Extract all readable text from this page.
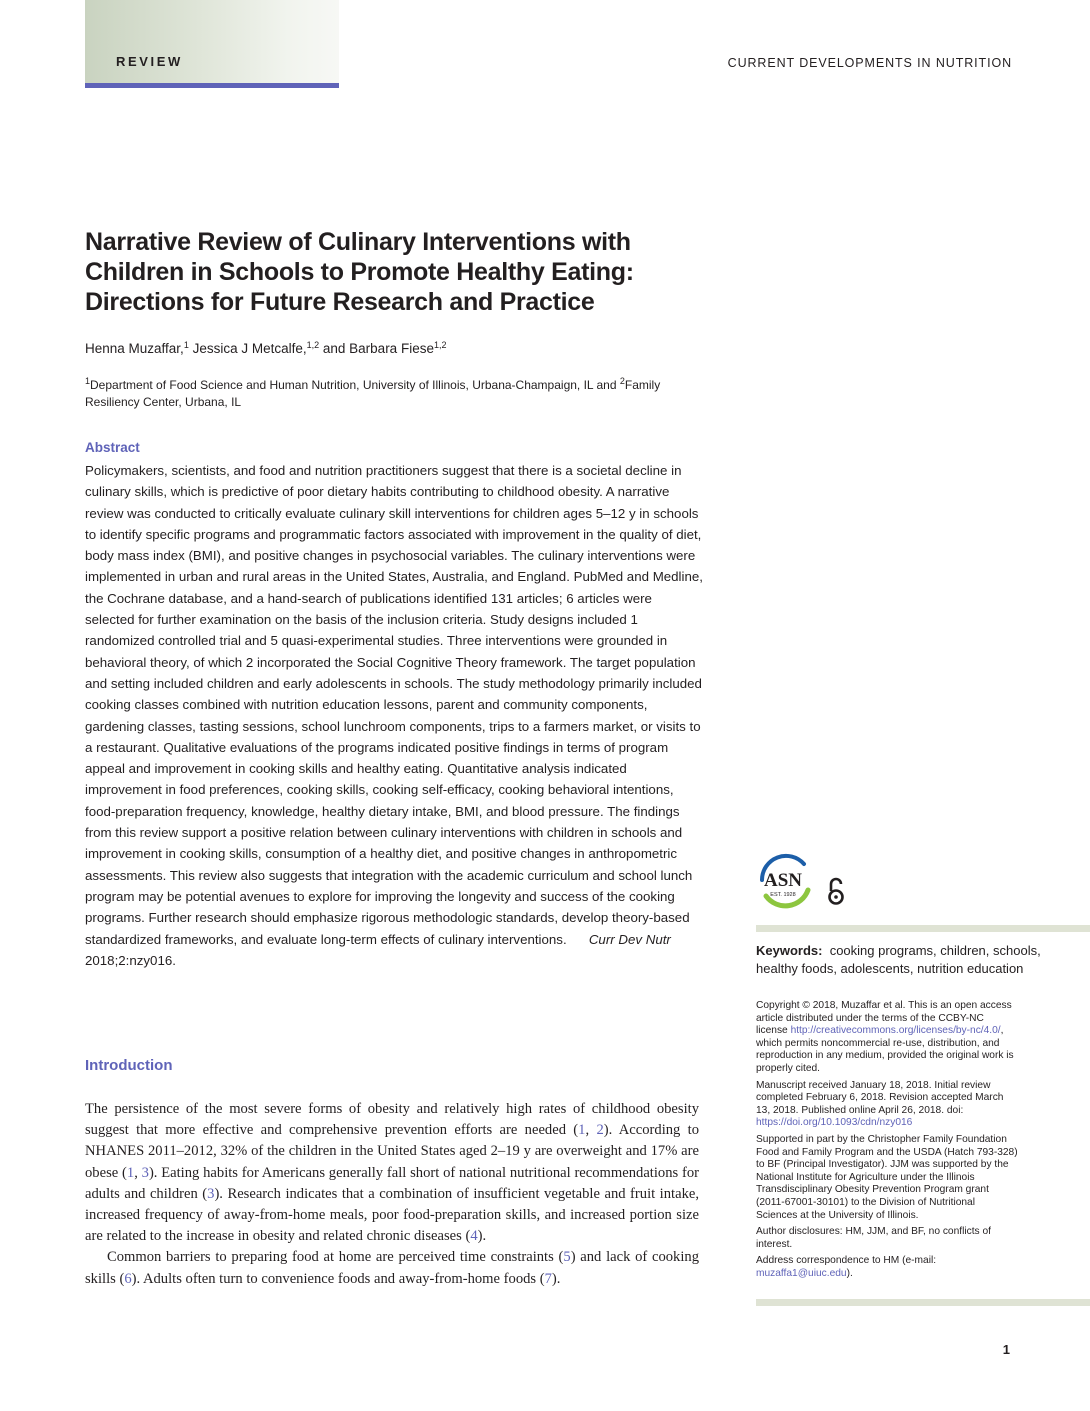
REVIEW	CURRENT DEVELOPMENTS IN NUTRITION
Narrative Review of Culinary Interventions with Children in Schools to Promote Healthy Eating: Directions for Future Research and Practice
Henna Muzaffar,$^1$ Jessica J Metcalfe,$^{1,2}$ and Barbara Fiese$^{1,2}$
$^1$Department of Food Science and Human Nutrition, University of Illinois, Urbana-Champaign, IL and $^2$Family Resiliency Center, Urbana, IL
Abstract
Policymakers, scientists, and food and nutrition practitioners suggest that there is a societal decline in culinary skills, which is predictive of poor dietary habits contributing to childhood obesity. A narrative review was conducted to critically evaluate culinary skill interventions for children ages 5–12 y in schools to identify specific programs and programmatic factors associated with improvement in the quality of diet, body mass index (BMI), and positive changes in psychosocial variables. The culinary interventions were implemented in urban and rural areas in the United States, Australia, and England. PubMed and Medline, the Cochrane database, and a hand-search of publications identified 131 articles; 6 articles were selected for further examination on the basis of the inclusion criteria. Study designs included 1 randomized controlled trial and 5 quasi-experimental studies. Three interventions were grounded in behavioral theory, of which 2 incorporated the Social Cognitive Theory framework. The target population and setting included children and early adolescents in schools. The study methodology primarily included cooking classes combined with nutrition education lessons, parent and community components, gardening classes, tasting sessions, school lunchroom components, trips to a farmers market, or visits to a restaurant. Qualitative evaluations of the programs indicated positive findings in terms of program appeal and improvement in cooking skills and healthy eating. Quantitative analysis indicated improvement in food preferences, cooking skills, cooking self-efficacy, cooking behavioral intentions, food-preparation frequency, knowledge, healthy dietary intake, BMI, and blood pressure. The findings from this review support a positive relation between culinary interventions with children in schools and improvement in cooking skills, consumption of a healthy diet, and positive changes in anthropometric assessments. This review also suggests that integration with the academic curriculum and school lunch program may be potential avenues to explore for improving the longevity and success of the cooking programs. Further research should emphasize rigorous methodologic standards, develop theory-based standardized frameworks, and evaluate long-term effects of culinary interventions. Curr Dev Nutr 2018;2:nzy016.
Introduction

The persistence of the most severe forms of obesity and relatively high rates of childhood obesity suggest that more effective and comprehensive prevention efforts are needed (1, 2). According to NHANES 2011–2012, 32% of the children in the United States aged 2–19 y are overweight and 17% are obese (1, 3). Eating habits for Americans generally fall short of national nutritional recommendations for adults and children (3). Research indicates that a combination of insufficient vegetable and fruit intake, increased frequency of away-from-home meals, poor food-preparation skills, and increased portion size are related to the increase in obesity and related chronic diseases (4).

Common barriers to preparing food at home are perceived time constraints (5) and lack of cooking skills (6). Adults often turn to convenience foods and away-from-home foods (7).

ASN
EST. 1928
Keywords: cooking programs, children, schools, healthy foods, adolescents, nutrition education
Copyright © 2018, Muzaffar et al. This is an open access article distributed under the terms of the CCBY-NC license http://creativecommons.org/licenses/by-nc/4.0/, which permits noncommercial re-use, distribution, and reproduction in any medium, provided the original work is properly cited.
Manuscript received January 18, 2018. Initial review completed February 6, 2018. Revision accepted March 13, 2018. Published online April 26, 2018. doi: https://doi.org/10.1093/cdn/nzy016
Supported in part by the Christopher Family Foundation Food and Family Program and the USDA (Hatch 793-328) to BF (Principal Investigator). JJM was supported by the National Institute for Agriculture under the Illinois Transdisciplinary Obesity Prevention Program grant (2011-67001-30101) to the Division of Nutritional Sciences at the University of Illinois.
Author disclosures: HM, JJM, and BF, no conflicts of interest.
Address correspondence to HM (e-mail: muzaffa1@uiuc.edu).
1
